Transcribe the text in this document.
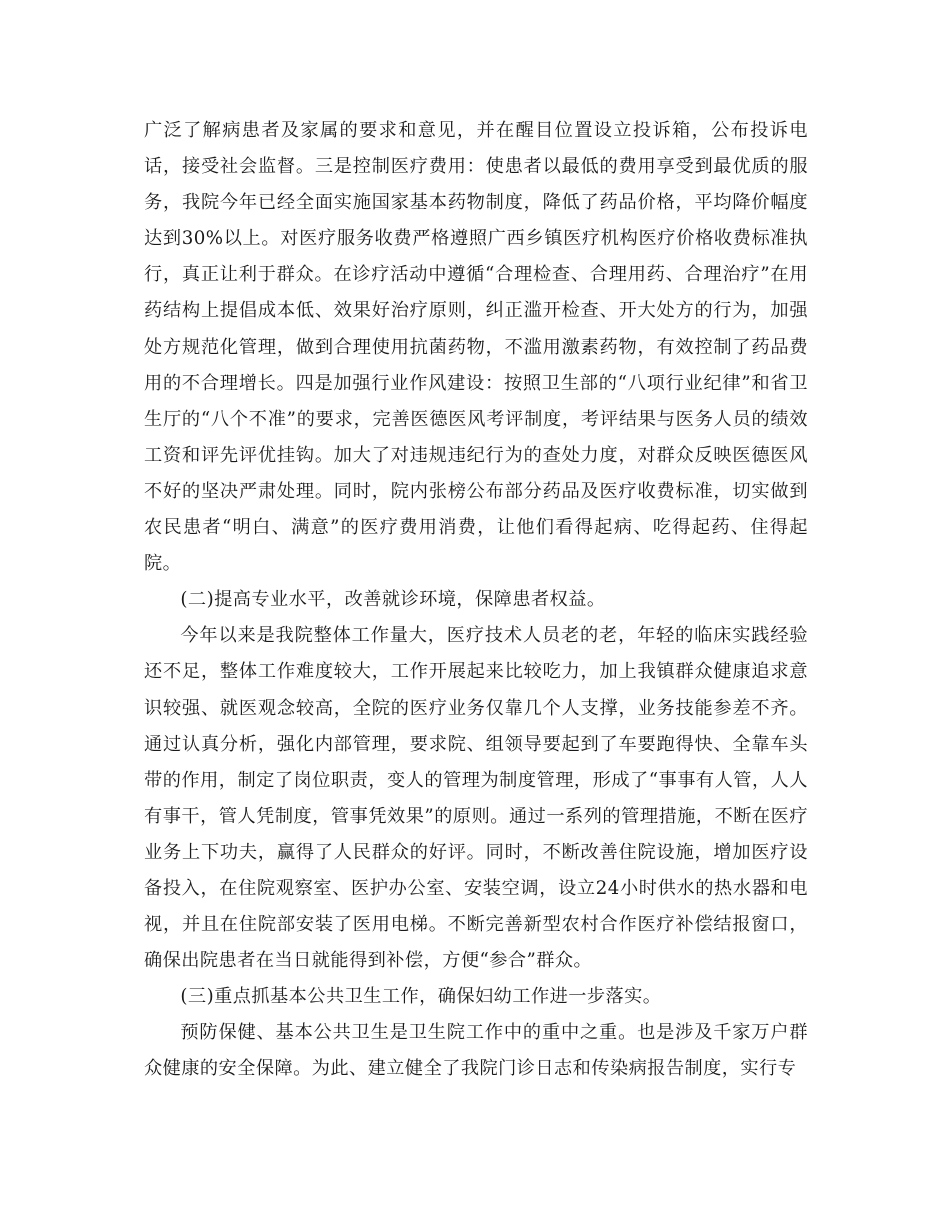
广泛了解病患者及家属的要求和意见，并在醒目位置设立投诉箱，公布投诉电话，接受社会监督。三是控制医疗费用：使患者以最低的费用享受到最优质的服务，我院今年已经全面实施国家基本药物制度，降低了药品价格，平均降价幅度达到30%以上。对医疗服务收费严格遵照广西乡镇医疗机构医疗价格收费标准执行，真正让利于群众。在诊疗活动中遵循“合理检查、合理用药、合理治疗”在用药结构上提倡成本低、效果好治疗原则，纠正滥开检查、开大处方的行为，加强处方规范化管理，做到合理使用抗菌药物，不滥用激素药物，有效控制了药品费用的不合理增长。四是加强行业作风建设：按照卫生部的“八项行业纪律”和省卫生厅的“八个不准”的要求，完善医德医风考评制度，考评结果与医务人员的绩效工资和评先评优挂钩。加大了对违规违纪行为的查处力度，对群众反映医德医风不好的坚决严肃处理。同时，院内张榜公布部分药品及医疗收费标准，切实做到农民患者“明白、满意”的医疗费用消费，让他们看得起病、吃得起药、住得起院。

(二)提高专业水平，改善就诊环境，保障患者权益。

今年以来是我院整体工作量大，医疗技术人员老的老，年轻的临床实践经验还不足，整体工作难度较大，工作开展起来比较吃力，加上我镇群众健康追求意识较强、就医观念较高，全院的医疗业务仅靠几个人支撑，业务技能参差不齐。通过认真分析，强化内部管理，要求院、组领导要起到了车要跑得快、全靠车头带的作用，制定了岗位职责，变人的管理为制度管理，形成了“事事有人管，人人有事干，管人凭制度，管事凭效果”的原则。通过一系列的管理措施，不断在医疗业务上下功夫，赢得了人民群众的好评。同时，不断改善住院设施，增加医疗设备投入，在住院观察室、医护办公室、安装空调，设立24小时供水的热水器和电视，并且在住院部安装了医用电梯。不断完善新型农村合作医疗补偿结报窗口，确保出院患者在当日就能得到补偿，方便“参合”群众。

(三)重点抓基本公共卫生工作，确保妇幼工作进一步落实。

预防保健、基本公共卫生是卫生院工作中的重中之重。也是涉及千家万户群众健康的安全保障。为此、建立健全了我院门诊日志和传染病报告制度，实行专
